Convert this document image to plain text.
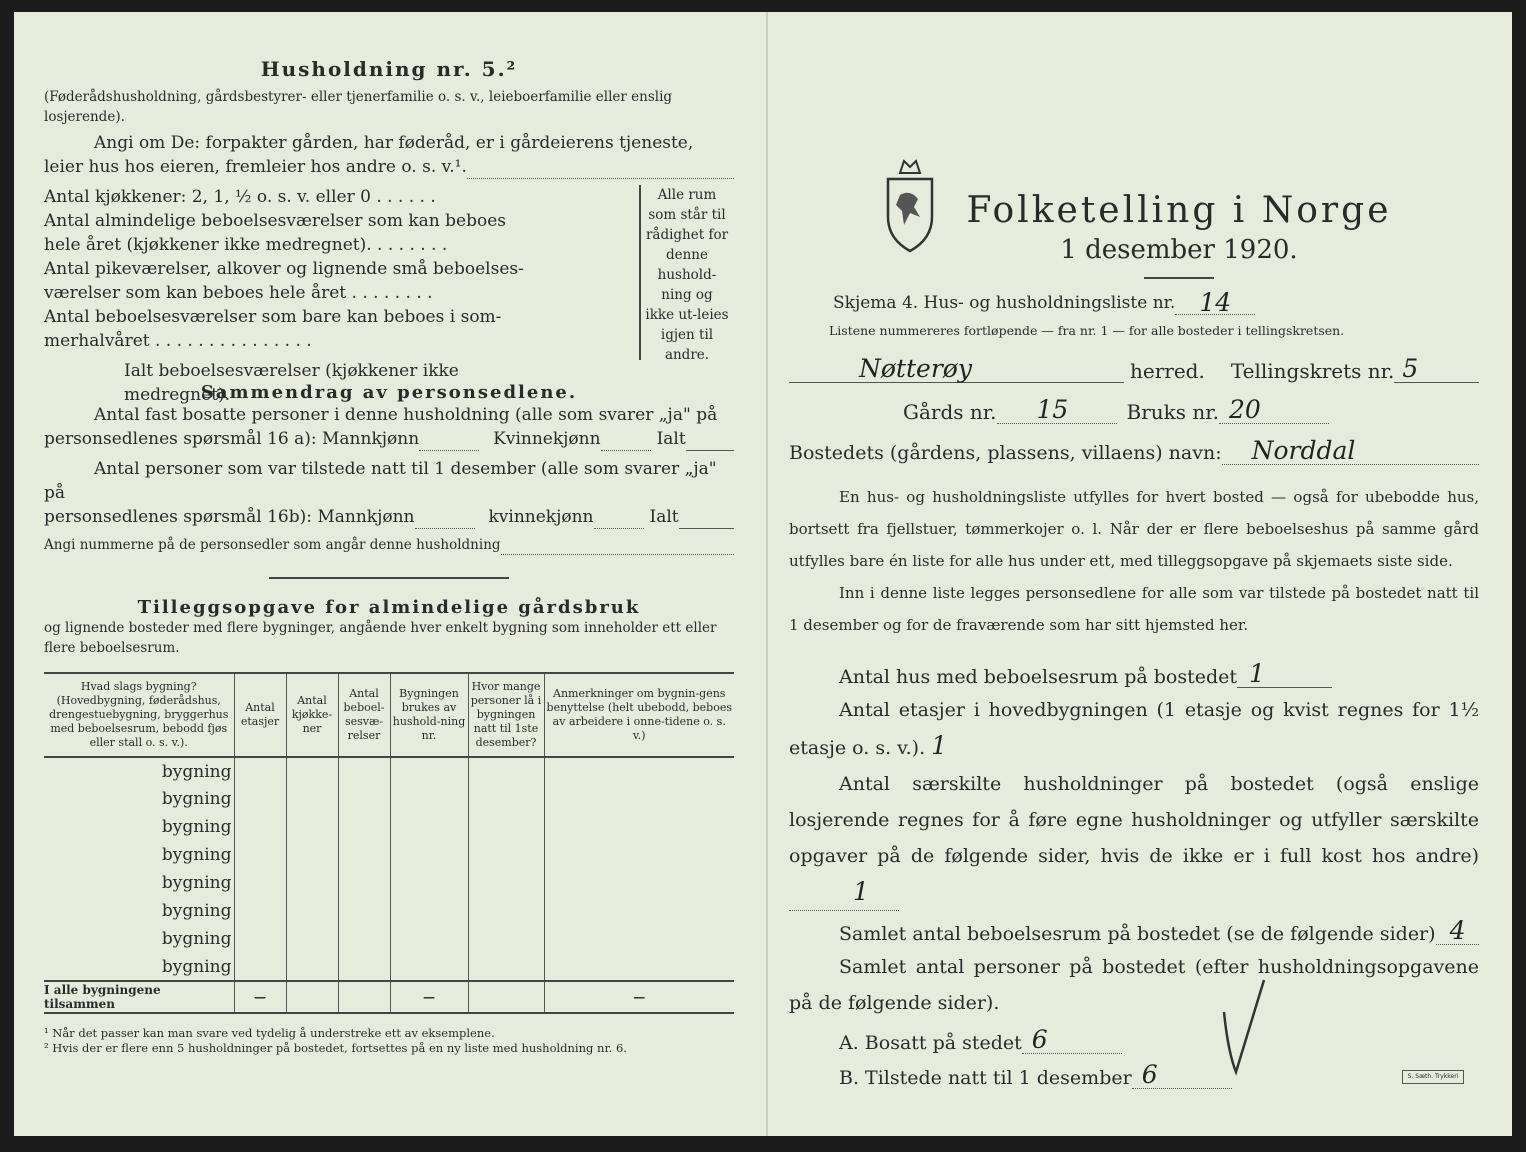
Husholdning nr. 5.²
(Føderådshusholdning, gårdsbestyrer- eller tjenerfamilie o. s. v., leieboerfamilie eller enslig losjerende).
Angi om De: forpakter gården, har føderåd, er i gårdeierens tjeneste,
leier hus hos eieren, fremleier hos andre o. s. v.¹.
Antal kjøkkener: 2, 1, ½ o. s. v. eller 0 . . . . . .
Antal almindelige beboelsesværelser som kan beboes
hele året (kjøkkener ikke medregnet). . . . . . . .
Antal pikeværelser, alkover og lignende små beboelses-
værelser som kan beboes hele året . . . . . . . .
Antal beboelsesværelser som bare kan beboes i som-
merhalvåret . . . . . . . . . . . . . . .
Ialt beboelsesværelser (kjøkkener ikke medregnet).
Alle rum som står til rådighet for denne hushold-ning og ikke ut-leies igjen til andre.
Sammendrag av personsedlene.
Antal fast bosatte personer i denne husholdning (alle som svarer „ja" på
personsedlenes spørsmål 16 a): Mannkjønn	Kvinnekjønn	Ialt
Antal personer som var tilstede natt til 1 desember (alle som svarer „ja" på
personsedlenes spørsmål 16b): Mannkjønn	kvinnekjønn	Ialt
Angi nummerne på de personsedler som angår denne husholdning
Tilleggsopgave for almindelige gårdsbruk
og lignende bosteder med flere bygninger, angående hver enkelt bygning som inneholder ett eller flere beboelsesrum.
Hvad slags bygning? (Hovedbygning, føderådshus, drengestuebygning, bryggerhus med beboelsesrum, bebodd fjøs eller stall o. s. v.).	Antal etasjer	Antal kjøkke-ner	Antal beboel-sesvæ-relser	Bygningen brukes av hushold-ning nr.	Hvor mange personer lå i bygningen natt til 1ste desember?	Anmerkninger om bygnin-gens benyttelse (helt ubebodd, beboes av arbeidere i onne-tidene o. s. v.)
bygning						
bygning						
bygning						
bygning						
bygning						
bygning						
bygning						
bygning						
I alle bygningene tilsammen	—			—		—
¹ Når det passer kan man svare ved tydelig å understreke ett av eksemplene.
² Hvis der er flere enn 5 husholdninger på bostedet, fortsettes på en ny liste med husholdning nr. 6.
Folketelling i Norge
1 desember 1920.
Skjema 4. Hus- og husholdningsliste nr. 14
Listene nummereres fortløpende — fra nr. 1 — for alle bosteder i tellingskretsen.
Nøtterøy	herred. Tellingskrets nr. 5
Gårds nr.	15	Bruks nr. 20
Bostedets (gårdens, plassens, villaens) navn:	Norddal
En hus- og husholdningsliste utfylles for hvert bosted — også for ubebodde hus, bortsett fra fjellstuer, tømmerkojer o. l. Når der er flere beboelseshus på samme gård utfylles bare én liste for alle hus under ett, med tilleggsopgave på skjemaets siste side.
Inn i denne liste legges personsedlene for alle som var tilstede på bostedet natt til 1 desember og for de fraværende som har sitt hjemsted her.
Antal hus med beboelsesrum på bostedet 1
Antal etasjer i hovedbygningen (1 etasje og kvist regnes for 1½ etasje o. s. v.). 1
Antal særskilte husholdninger på bostedet (også enslige losjerende regnes for å føre egne husholdninger og utfyller særskilte opgaver på de følgende sider, hvis de ikke er i full kost hos andre) 1
Samlet antal beboelsesrum på bostedet (se de følgende sider) 4
Samlet antal personer på bostedet (efter husholdningsopgavene på de følgende sider).
A. Bosatt på stedet 6
B. Tilstede natt til 1 desember 6	S. Sæth. Trykkeri
